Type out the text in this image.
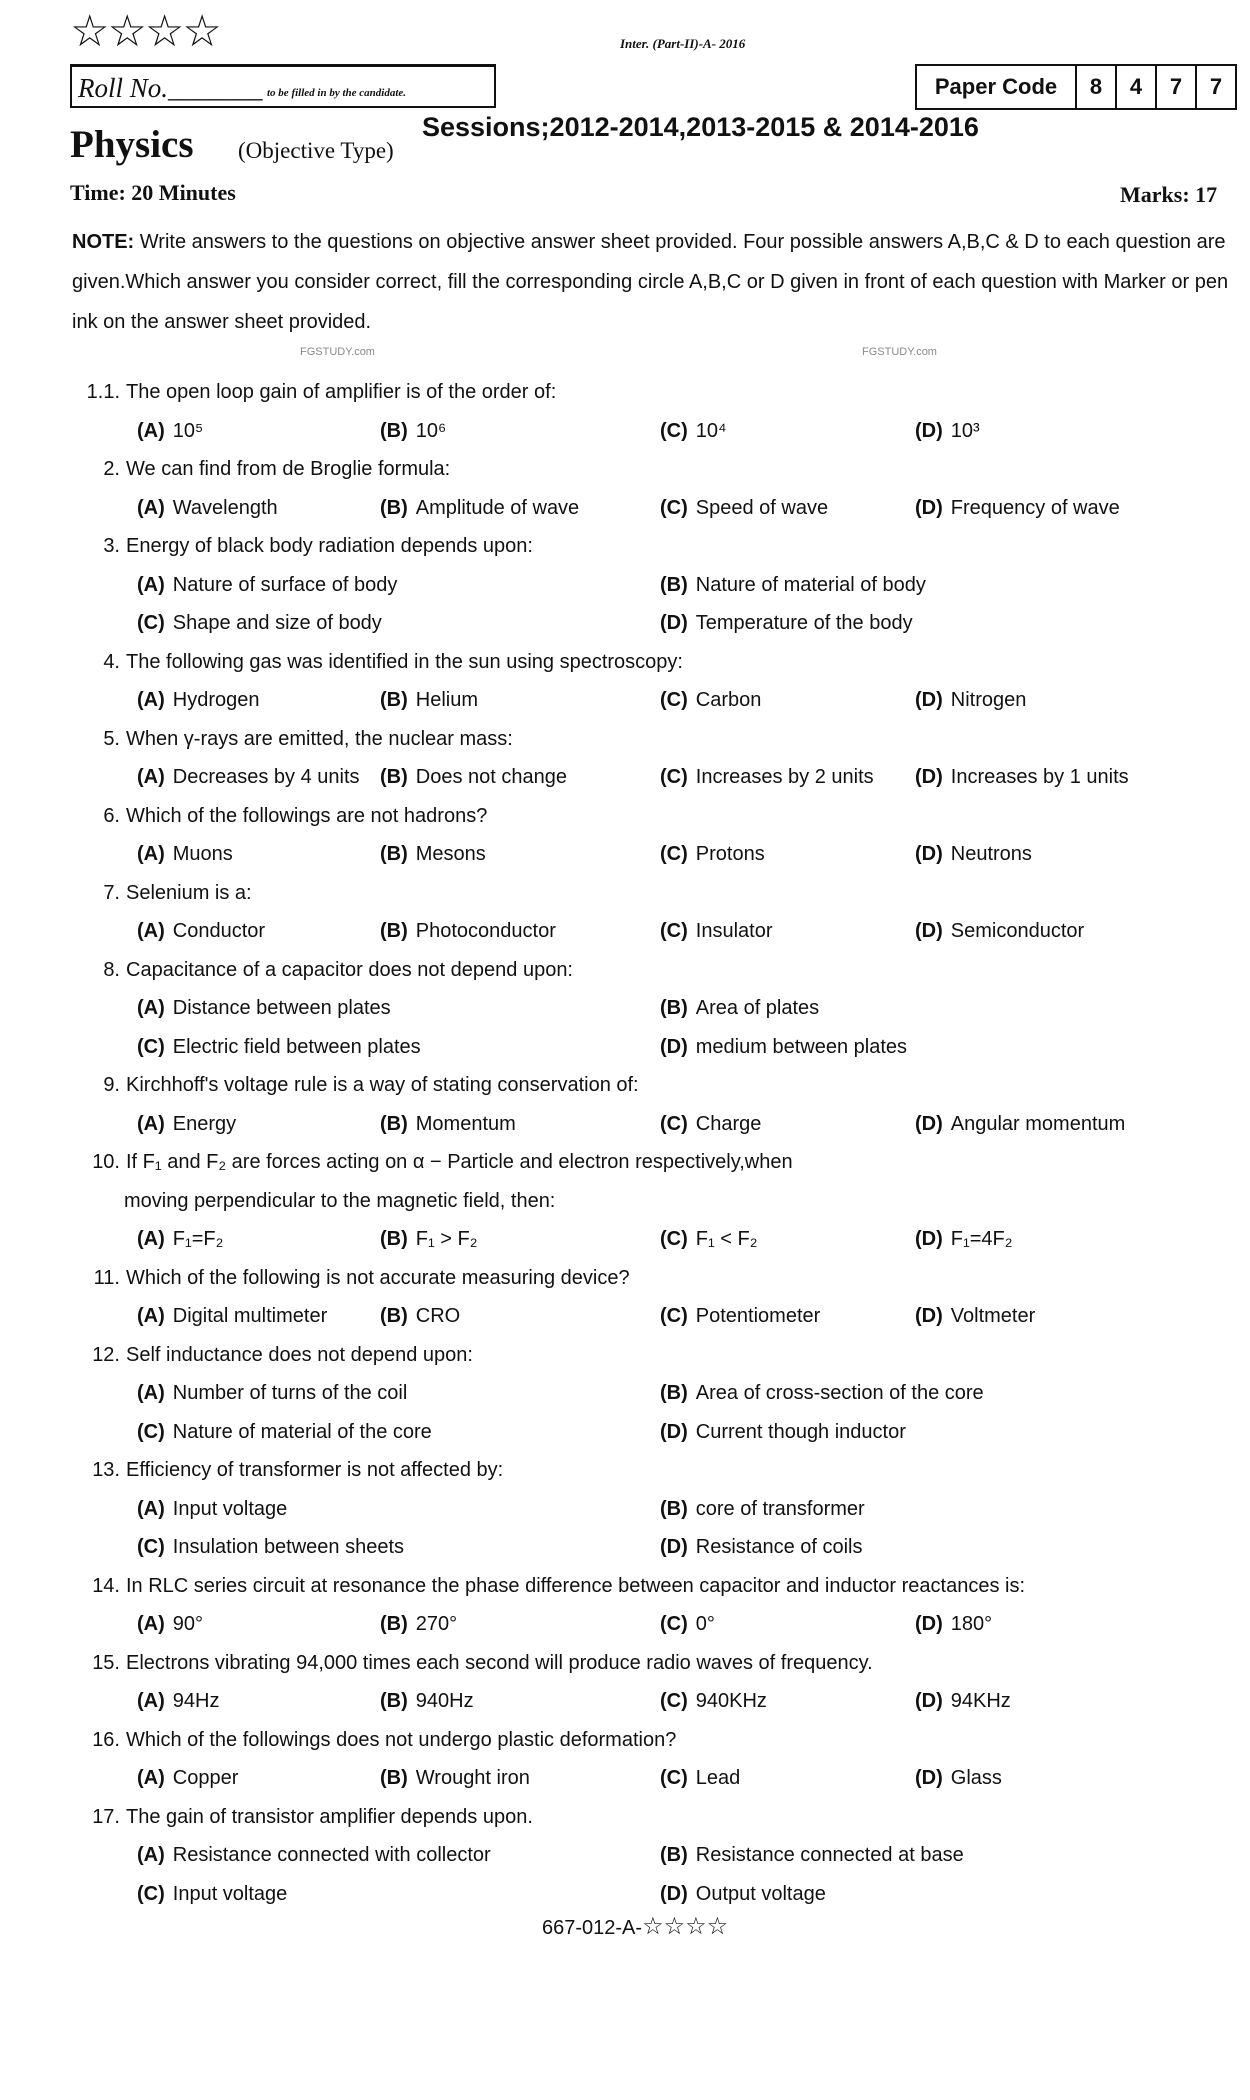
☆☆☆☆	Inter. (Part-II)-A- 2016
Roll No._______ to be filled in by the candidate.	Paper Code	8	4	7	7
Sessions;2012-2014,2013-2015 & 2014-2016
Physics (Objective Type)
Time: 20 Minutes	Marks: 17
NOTE: Write answers to the questions on objective answer sheet provided. Four possible answers A,B,C & D to each question are given.Which answer you consider correct, fill the corresponding circle A,B,C or D given in front of each question with Marker or pen ink on the answer sheet provided.
FGSTUDY.com	FGSTUDY.com
1.1. The open loop gain of amplifier is of the order of:
(A) 10⁵	(B) 10⁶	(C) 10⁴	(D) 10³
2. We can find from de Broglie formula:
(A) Wavelength	(B) Amplitude of wave	(C) Speed of wave	(D) Frequency of wave
3. Energy of black body radiation depends upon:
(A) Nature of surface of body	(B) Nature of material of body
(C) Shape and size of body	(D) Temperature of the body
4. The following gas was identified in the sun using spectroscopy:
(A) Hydrogen	(B) Helium	(C) Carbon	(D) Nitrogen
5. When γ-rays are emitted, the nuclear mass:
(A) Decreases by 4 units (B) Does not change	(C) Increases by 2 units (D) Increases by 1 units
6. Which of the followings are not hadrons?
(A) Muons	(B) Mesons	(C) Protons	(D) Neutrons
7. Selenium is a:
(A) Conductor	(B) Photoconductor	(C) Insulator	(D) Semiconductor
8. Capacitance of a capacitor does not depend upon:
(A) Distance between plates	(B) Area of plates
(C) Electric field between plates	(D) medium between plates
9. Kirchhoff's voltage rule is a way of stating conservation of:
(A) Energy	(B) Momentum	(C) Charge	(D) Angular momentum
10. If F₁ and F₂ are forces acting on α − Particle and electron respectively,when
moving perpendicular to the magnetic field, then:
(A) F₁=F₂	(B) F₁ > F₂	(C) F₁ < F₂	(D) F₁=4F₂
11. Which of the following is not accurate measuring device?
(A) Digital multimeter	(B) CRO	(C) Potentiometer	(D) Voltmeter
12. Self inductance does not depend upon:
(A) Number of turns of the coil	(B) Area of cross-section of the core
(C) Nature of material of the core	(D) Current though inductor
13. Efficiency of transformer is not affected by:
(A) Input voltage	(B) core of transformer
(C) Insulation between sheets	(D) Resistance of coils
14. In RLC series circuit at resonance the phase difference between capacitor and inductor reactances is:
(A) 90°	(B) 270°	(C) 0°	(D) 180°
15. Electrons vibrating 94,000 times each second will produce radio waves of frequency.
(A) 94Hz	(B) 940Hz	(C) 940KHz	(D) 94KHz
16. Which of the followings does not undergo plastic deformation?
(A) Copper	(B) Wrought iron	(C) Lead	(D) Glass
17. The gain of transistor amplifier depends upon.
(A) Resistance connected with collector	(B) Resistance connected at base
(C) Input voltage	(D) Output voltage
667-012-A-☆☆☆☆
